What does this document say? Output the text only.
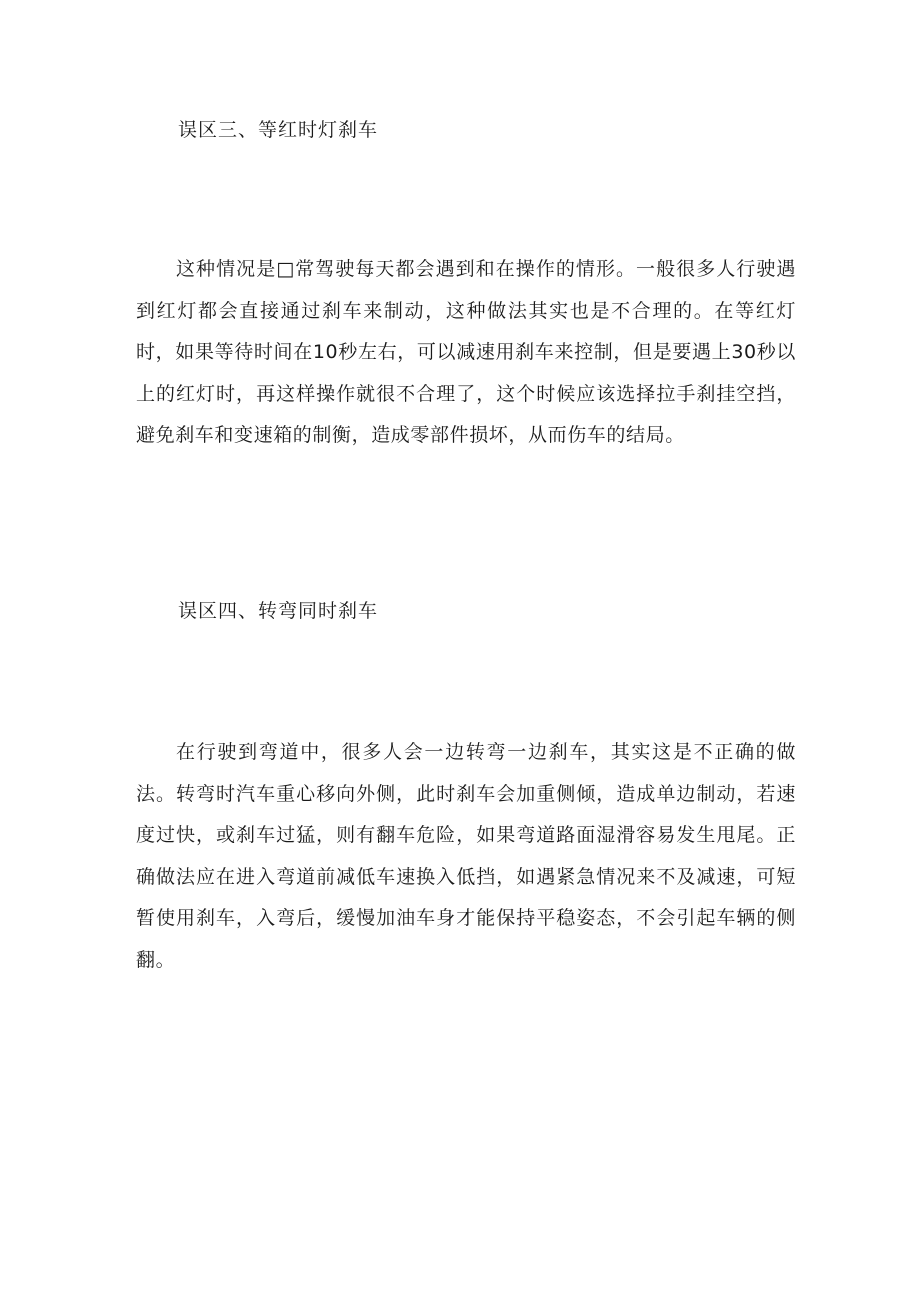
误区三、等红时灯刹车

这种情况是□常驾驶每天都会遇到和在操作的情形。一般很多人行驶遇到红灯都会直接通过刹车来制动，这种做法其实也是不合理的。在等红灯时，如果等待时间在10秒左右，可以减速用刹车来控制，但是要遇上30秒以上的红灯时，再这样操作就很不合理了，这个时候应该选择拉手刹挂空挡，避免刹车和变速箱的制衡，造成零部件损坏，从而伤车的结局。

误区四、转弯同时刹车

在行驶到弯道中，很多人会一边转弯一边刹车，其实这是不正确的做法。转弯时汽车重心移向外侧，此时刹车会加重侧倾，造成单边制动，若速度过快，或刹车过猛，则有翻车危险，如果弯道路面湿滑容易发生甩尾。正确做法应在进入弯道前减低车速换入低挡，如遇紧急情况来不及减速，可短暂使用刹车，入弯后，缓慢加油车身才能保持平稳姿态，不会引起车辆的侧翻。
